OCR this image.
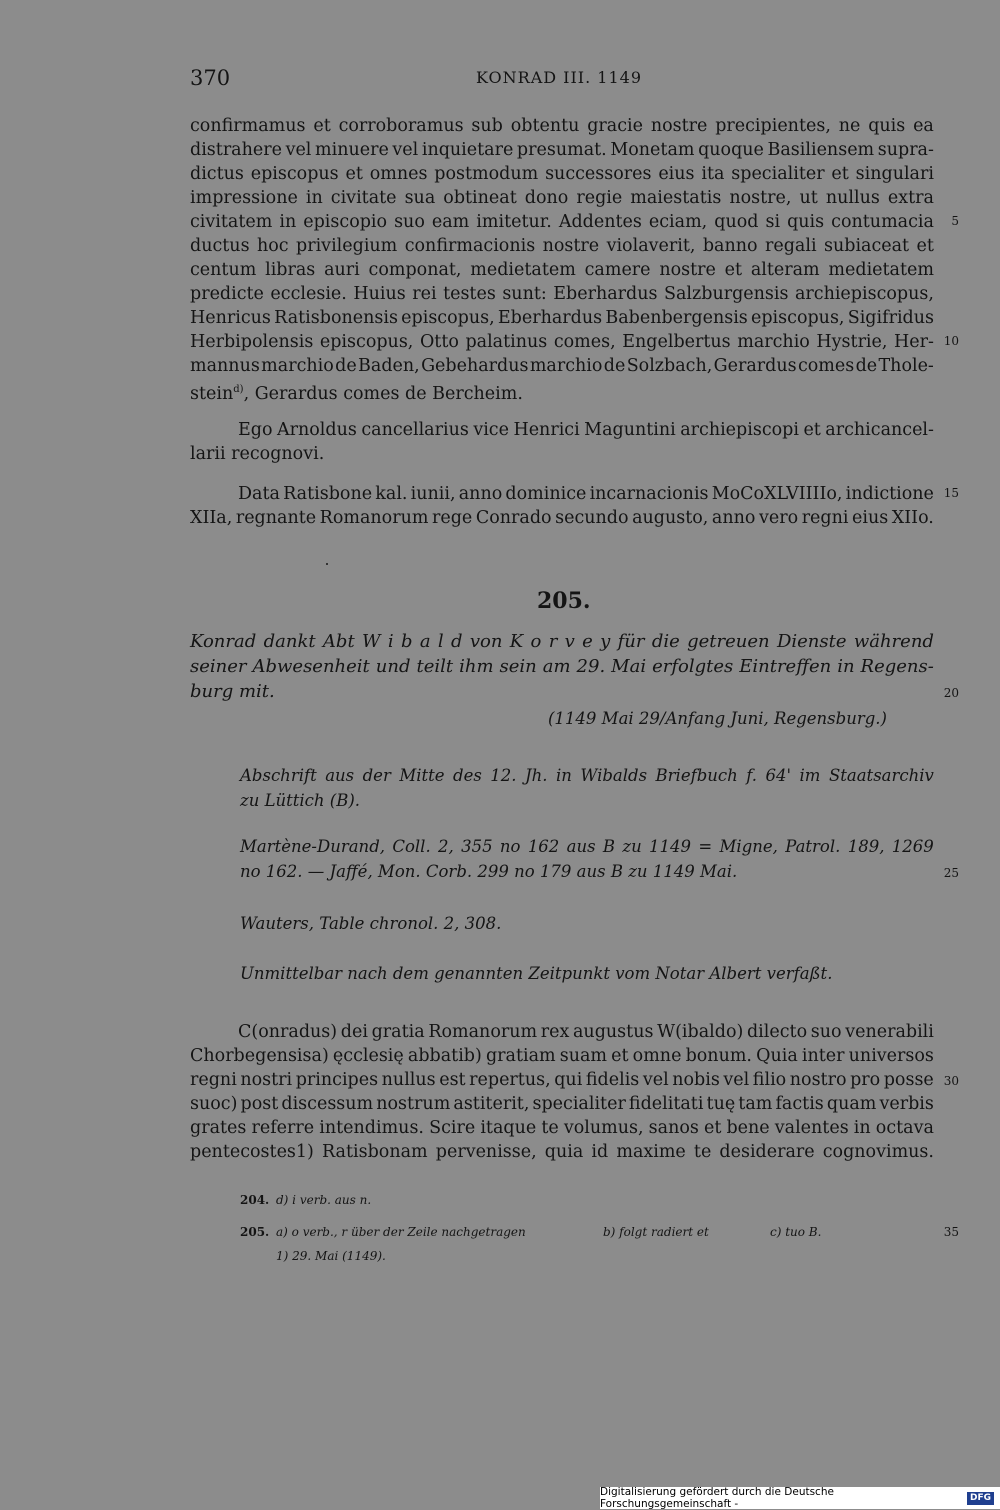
370	KONRAD III. 1149
confirmamus et corroboramus sub obtentu gracie nostre precipientes, ne quis ea
distrahere vel minuere vel inquietare presumat. Monetam quoque Basiliensem supra-
dictus episcopus et omnes postmodum successores eius ita specialiter et singulari
impressione in civitate sua obtineat dono regie maiestatis nostre, ut nullus extra
civitatem in episcopio suo eam imitetur. Addentes eciam, quod si quis contumacia
ductus hoc privilegium confirmacionis nostre violaverit, banno regali subiaceat et
centum libras auri componat, medietatem camere nostre et alteram medietatem
predicte ecclesie. Huius rei testes sunt: Eberhardus Salzburgensis archiepiscopus,
Henricus Ratisbonensis episcopus, Eberhardus Babenbergensis episcopus, Sigifridus
Herbipolensis episcopus, Otto palatinus comes, Engelbertus marchio Hystrie, Her-
mannus marchio de Baden, Gebehardus marchio de Solzbach, Gerardus comes de Thole-
stein$^{d)}$, Gerardus comes de Bercheim.
Ego Arnoldus cancellarius vice Henrici Maguntini archiepiscopi et archicancel-
larii recognovi.
Data Ratisbone kal. iunii, anno dominice incarnacionis MoCoXLVIIIIo, indictione
XIIa, regnante Romanorum rege Conrado secundo augusto, anno vero regni eius XIIo.
205.
Konrad dankt Abt W i b a l d von K o r v e y für die getreuen Dienste während
seiner Abwesenheit und teilt ihm sein am 29. Mai erfolgtes Eintreffen in Regens-
burg mit.
(1149 Mai 29/Anfang Juni, Regensburg.)
Abschrift aus der Mitte des 12. Jh. in Wibalds Briefbuch f. 64' im Staatsarchiv
zu Lüttich (B).
Martène-Durand, Coll. 2, 355 no 162 aus B zu 1149 = Migne, Patrol. 189, 1269
no 162. — Jaffé, Mon. Corb. 299 no 179 aus B zu 1149 Mai.
Wauters, Table chronol. 2, 308.
Unmittelbar nach dem genannten Zeitpunkt vom Notar Albert verfaßt.
C(onradus) dei gratia Romanorum rex augustus W(ibaldo) dilecto suo venerabili
Chorbegensisa) ęcclesię abbatib) gratiam suam et omne bonum. Quia inter universos
regni nostri principes nullus est repertus, qui fidelis vel nobis vel filio nostro pro posse
suoc) post discessum nostrum astiterit, specialiter fidelitati tuę tam factis quam verbis
grates referre intendimus. Scire itaque te volumus, sanos et bene valentes in octava
pentecostes1) Ratisbonam pervenisse, quia id maxime te desiderare cognovimus.
5
10
15
20
25
30
35
204. d) i verb. aus n.
205. a) o verb., r über der Zeile nachgetragen	b) folgt radiert et	c) tuo B.
1) 29. Mai (1149).
Digitalisierung gefördert durch die Deutsche Forschungsgemeinschaft -
DFG
